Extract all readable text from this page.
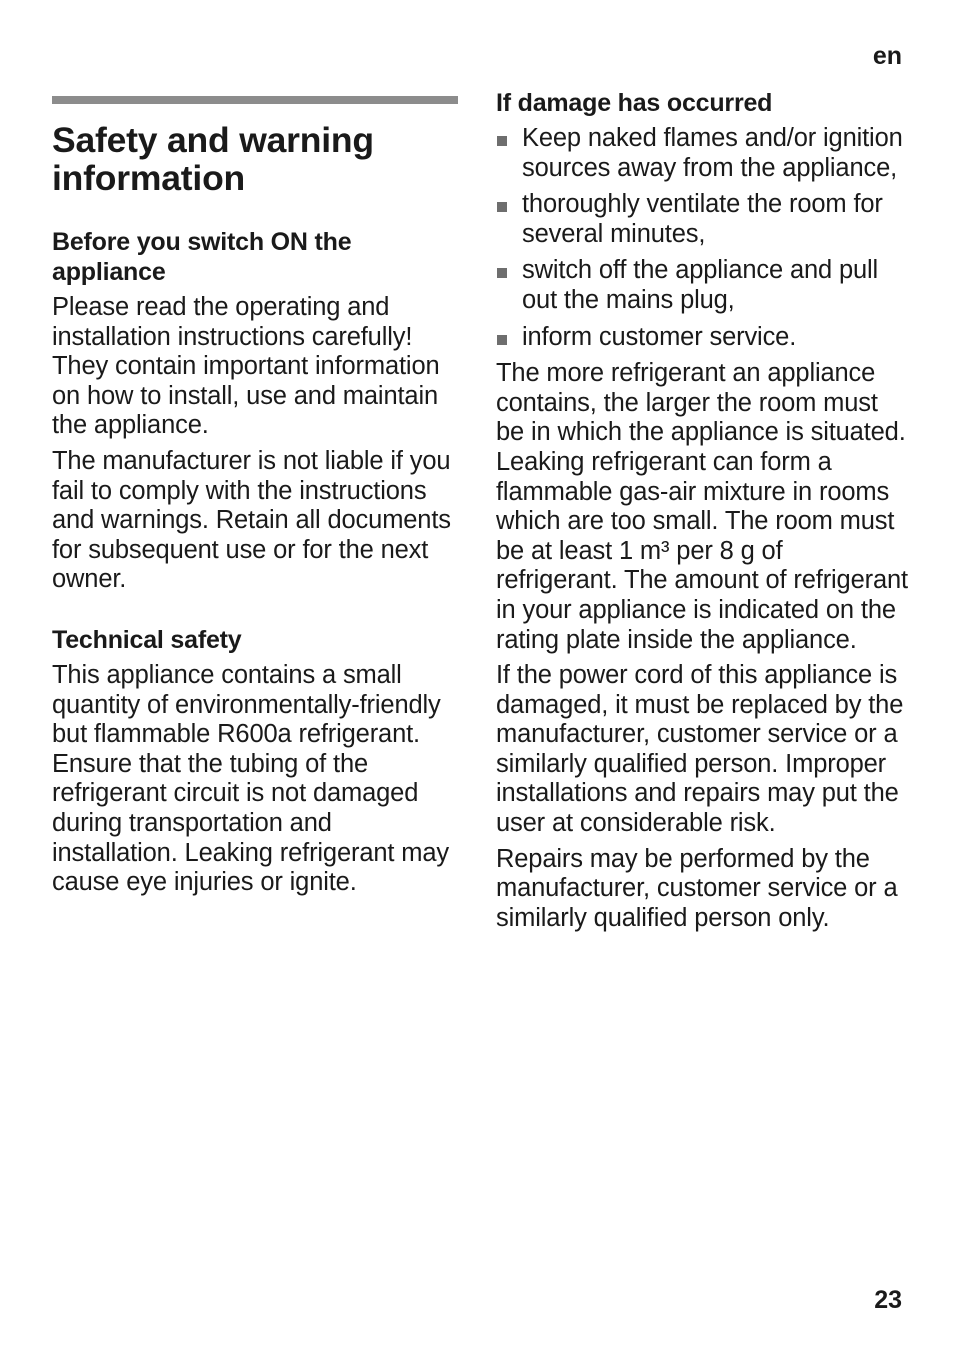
en
Safety and warning information
Before you switch ON the appliance

Please read the operating and installation instructions carefully! They contain important information on how to install, use and maintain the appliance.

The manufacturer is not liable if you fail to comply with the instructions and warnings. Retain all documents for subsequent use or for the next owner.

Technical safety

This appliance contains a small quantity of environmentally-friendly but flammable R600a refrigerant. Ensure that the tubing of the refrigerant circuit is not damaged during transportation and installation. Leaking refrigerant may cause eye injuries or ignite.

If damage has occurred
Keep naked flames and/or ignition sources away from the appliance,
thoroughly ventilate the room for several minutes,
switch off the appliance and pull out the mains plug,
inform customer service.

The more refrigerant an appliance contains, the larger the room must be in which the appliance is situated. Leaking refrigerant can form a flammable gas-air mixture in rooms which are too small. The room must be at least 1 m³ per 8 g of refrigerant. The amount of refrigerant in your appliance is indicated on the rating plate inside the appliance.

If the power cord of this appliance is damaged, it must be replaced by the manufacturer, customer service or a similarly qualified person. Improper installations and repairs may put the user at considerable risk.

Repairs may be performed by the manufacturer, customer service or a similarly qualified person only.

23
